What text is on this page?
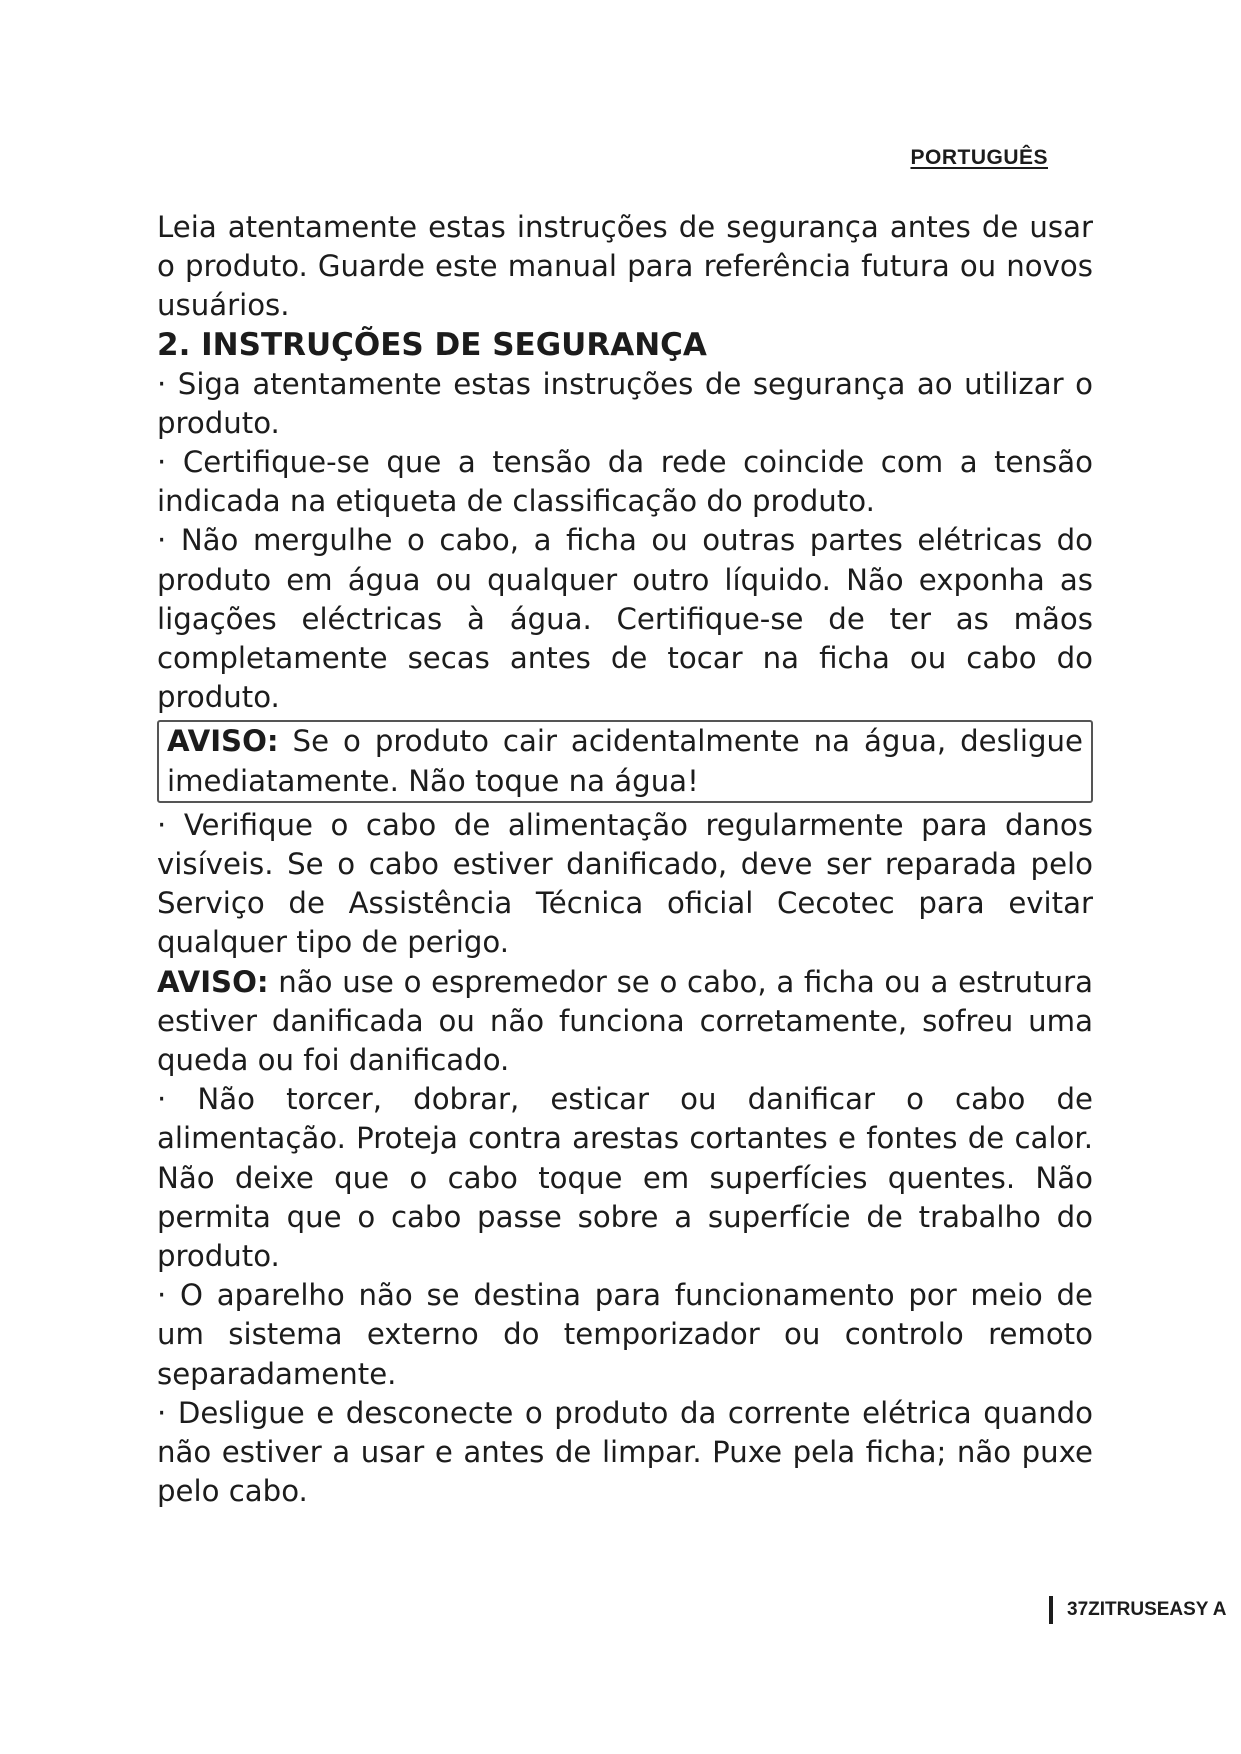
PORTUGUÊS

Leia atentamente estas instruções de segurança antes de usar o produto. Guarde este manual para referência futura ou novos usuários.

2. INSTRUÇÕES DE SEGURANÇA

· Siga atentamente estas instruções de segurança ao utilizar o produto.

· Certifique-se que a tensão da rede coincide com a tensão indicada na etiqueta de classificação do produto.

· Não mergulhe o cabo, a ficha ou outras partes elétricas do produto em água ou qualquer outro líquido. Não exponha as ligações eléctricas à água. Certifique-se de ter as mãos completamente secas antes de tocar na ficha ou cabo do produto.

AVISO: Se o produto cair acidentalmente na água, desligue imediatamente. Não toque na água!

· Verifique o cabo de alimentação regularmente para danos visíveis. Se o cabo estiver danificado, deve ser reparada pelo Serviço de Assistência Técnica oficial Cecotec para evitar qualquer tipo de perigo.

AVISO: não use o espremedor se o cabo, a ficha ou a estrutura estiver danificada ou não funciona corretamente, sofreu uma queda ou foi danificado.

· Não torcer, dobrar, esticar ou danificar o cabo de alimentação. Proteja contra arestas cortantes e fontes de calor. Não deixe que o cabo toque em superfícies quentes. Não permita que o cabo passe sobre a superfície de trabalho do produto.

· O aparelho não se destina para funcionamento por meio de um sistema externo do temporizador ou controlo remoto separadamente.

· Desligue e desconecte o produto da corrente elétrica quando não estiver a usar e antes de limpar. Puxe pela ficha; não puxe pelo cabo.

37ZITRUSEASY A
